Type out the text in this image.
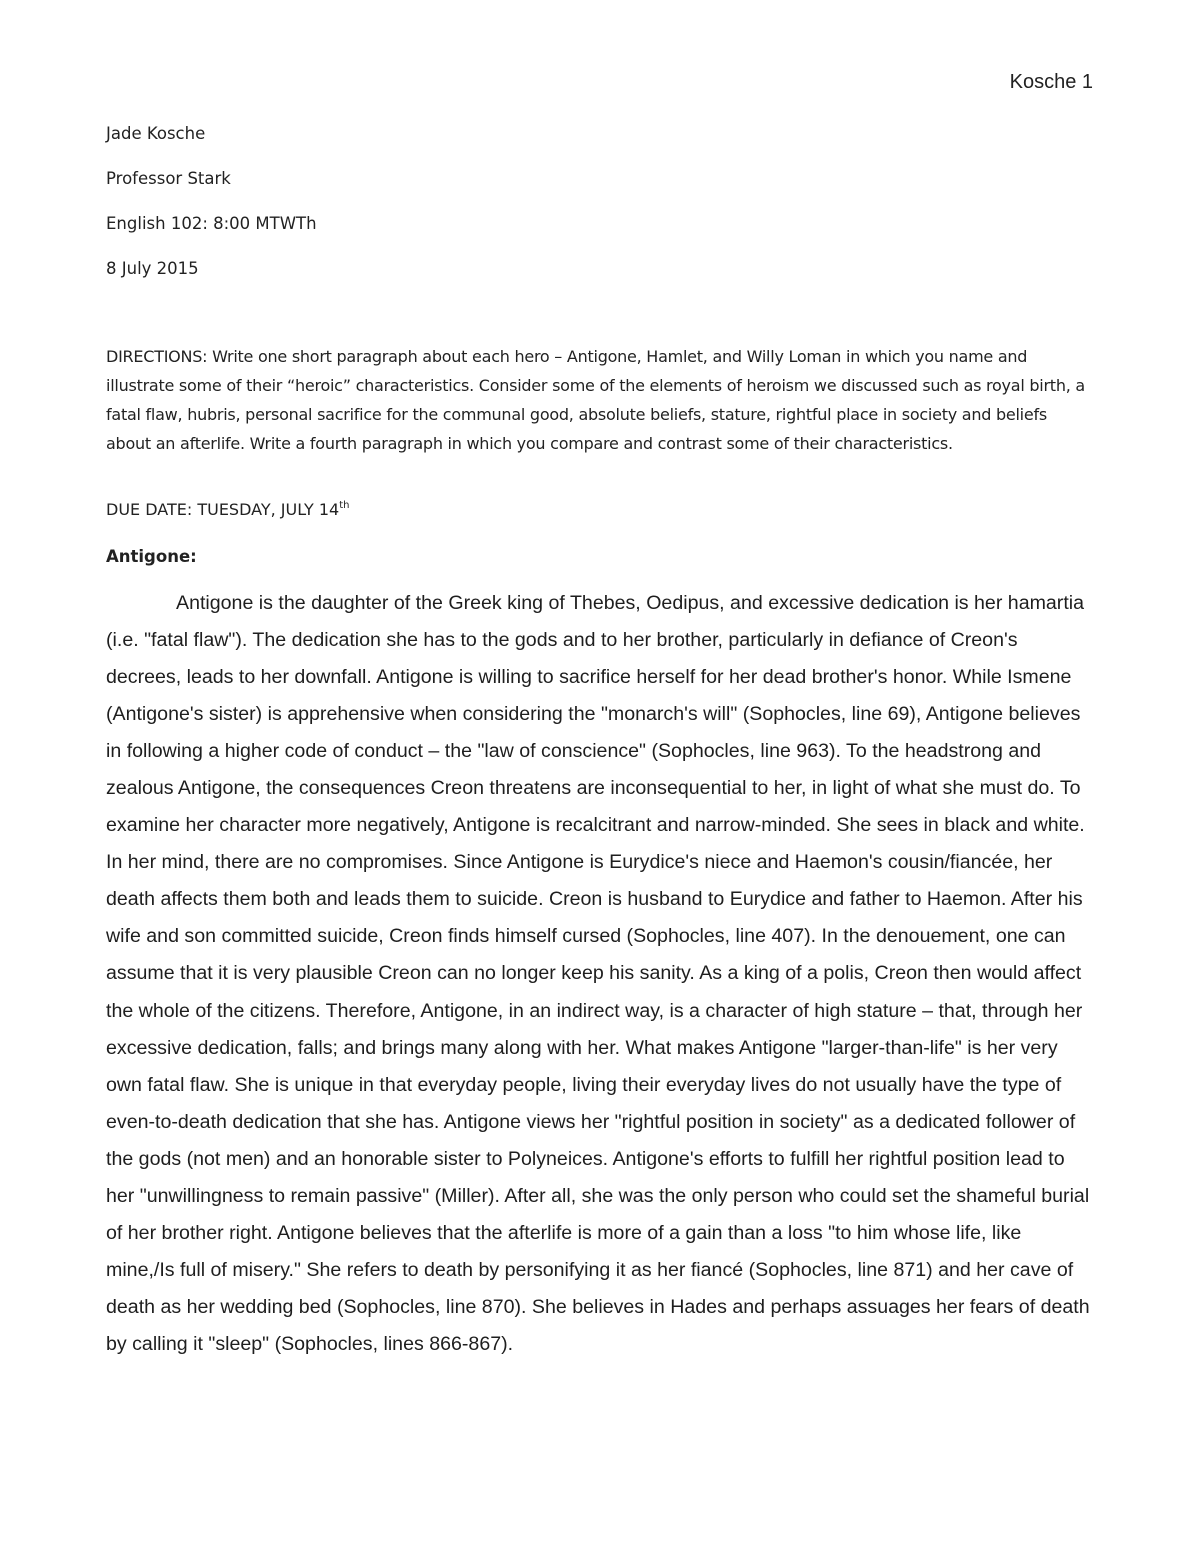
Kosche 1
Jade Kosche
Professor Stark
English 102: 8:00 MTWTh
8 July 2015
DIRECTIONS: Write one short paragraph about each hero – Antigone, Hamlet, and Willy Loman in which you name and illustrate some of their “heroic” characteristics. Consider some of the elements of heroism we discussed such as royal birth, a fatal flaw, hubris, personal sacrifice for the communal good, absolute beliefs, stature, rightful place in society and beliefs about an afterlife. Write a fourth paragraph in which you compare and contrast some of their characteristics.
DUE DATE: TUESDAY, JULY 14th
Antigone:

Antigone is the daughter of the Greek king of Thebes, Oedipus, and excessive dedication is her hamartia (i.e. "fatal flaw"). The dedication she has to the gods and to her brother, particularly in defiance of Creon's decrees, leads to her downfall. Antigone is willing to sacrifice herself for her dead brother's honor. While Ismene (Antigone's sister) is apprehensive when considering the "monarch's will" (Sophocles, line 69), Antigone believes in following a higher code of conduct – the "law of conscience" (Sophocles, line 963). To the headstrong and zealous Antigone, the consequences Creon threatens are inconsequential to her, in light of what she must do. To examine her character more negatively, Antigone is recalcitrant and narrow-minded. She sees in black and white. In her mind, there are no compromises. Since Antigone is Eurydice's niece and Haemon's cousin/fiancée, her death affects them both and leads them to suicide. Creon is husband to Eurydice and father to Haemon. After his wife and son committed suicide, Creon finds himself cursed (Sophocles, line 407). In the denouement, one can assume that it is very plausible Creon can no longer keep his sanity. As a king of a polis, Creon then would affect the whole of the citizens. Therefore, Antigone, in an indirect way, is a character of high stature – that, through her excessive dedication, falls; and brings many along with her. What makes Antigone "larger-than-life" is her very own fatal flaw. She is unique in that everyday people, living their everyday lives do not usually have the type of even-to-death dedication that she has. Antigone views her "rightful position in society" as a dedicated follower of the gods (not men) and an honorable sister to Polyneices. Antigone's efforts to fulfill her rightful position lead to her "unwillingness to remain passive" (Miller). After all, she was the only person who could set the shameful burial of her brother right. Antigone believes that the afterlife is more of a gain than a loss "to him whose life, like mine,/Is full of misery." She refers to death by personifying it as her fiancé (Sophocles, line 871) and her cave of death as her wedding bed (Sophocles, line 870). She believes in Hades and perhaps assuages her fears of death by calling it "sleep" (Sophocles, lines 866-867).
